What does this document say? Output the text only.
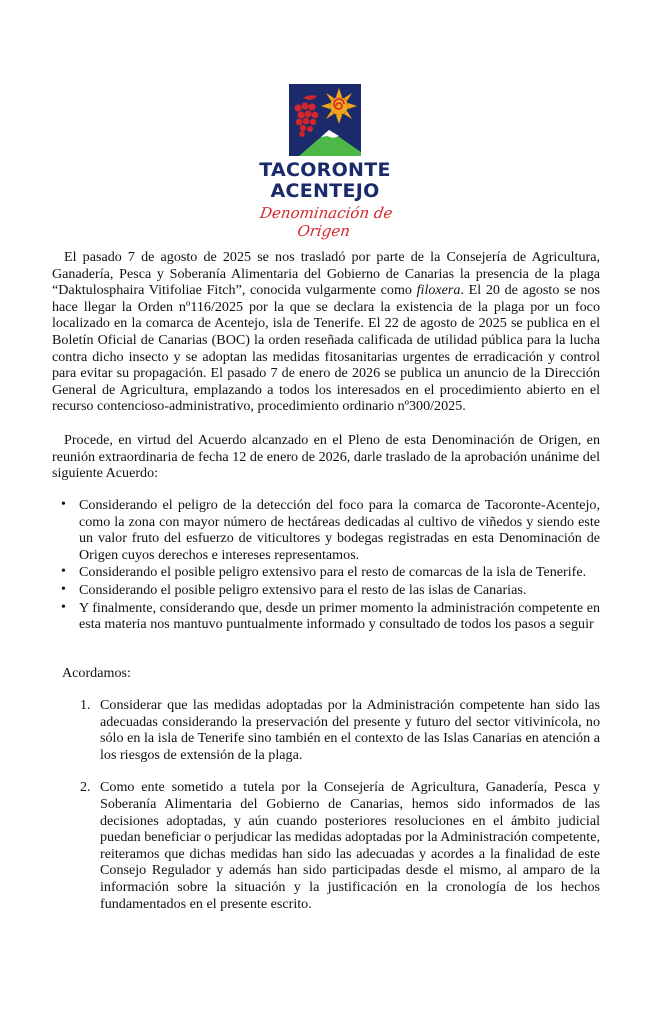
TACORONTE
ACENTEJO
Denominación de Origen

El pasado 7 de agosto de 2025 se nos trasladó por parte de la Consejería de Agricultura, Ganadería, Pesca y Soberanía Alimentaria del Gobierno de Canarias la presencia de la plaga “Daktulosphaira Vitifoliae Fitch”, conocida vulgarmente como filoxera. El 20 de agosto se nos hace llegar la Orden nº116/2025 por la que se declara la existencia de la plaga por un foco localizado en la comarca de Acentejo, isla de Tenerife. El 22 de agosto de 2025 se publica en el Boletín Oficial de Canarias (BOC) la orden reseñada calificada de utilidad pública para la lucha contra dicho insecto y se adoptan las medidas fitosanitarias urgentes de erradicación y control para evitar su propagación. El pasado 7 de enero de 2026 se publica un anuncio de la Dirección General de Agricultura, emplazando a todos los interesados en el procedimiento abierto en el recurso contencioso-administrativo, procedimiento ordinario nº300/2025.

Procede, en virtud del Acuerdo alcanzado en el Pleno de esta Denominación de Origen, en reunión extraordinaria de fecha 12 de enero de 2026, darle traslado de la aprobación unánime del siguiente Acuerdo:

• Considerando el peligro de la detección del foco para la comarca de Tacoronte-Acentejo, como la zona con mayor número de hectáreas dedicadas al cultivo de viñedos y siendo este un valor fruto del esfuerzo de viticultores y bodegas registradas en esta Denominación de Origen cuyos derechos e intereses representamos.
• Considerando el posible peligro extensivo para el resto de comarcas de la isla de Tenerife.
• Considerando el posible peligro extensivo para el resto de las islas de Canarias.
• Y finalmente, considerando que, desde un primer momento la administración competente en esta materia nos mantuvo puntualmente informado y consultado de todos los pasos a seguir
Acordamos:
1. Considerar que las medidas adoptadas por la Administración competente han sido las adecuadas considerando la preservación del presente y futuro del sector vitivinícola, no sólo en la isla de Tenerife sino también en el contexto de las Islas Canarias en atención a los riesgos de extensión de la plaga.
2. Como ente sometido a tutela por la Consejería de Agricultura, Ganadería, Pesca y Soberanía Alimentaria del Gobierno de Canarias, hemos sido informados de las decisiones adoptadas, y aún cuando posteriores resoluciones en el ámbito judicial puedan beneficiar o perjudicar las medidas adoptadas por la Administración competente, reiteramos que dichas medidas han sido las adecuadas y acordes a la finalidad de este Consejo Regulador y además han sido participadas desde el mismo, al amparo de la información sobre la situación y la justificación en la cronología de los hechos fundamentados en el presente escrito.
